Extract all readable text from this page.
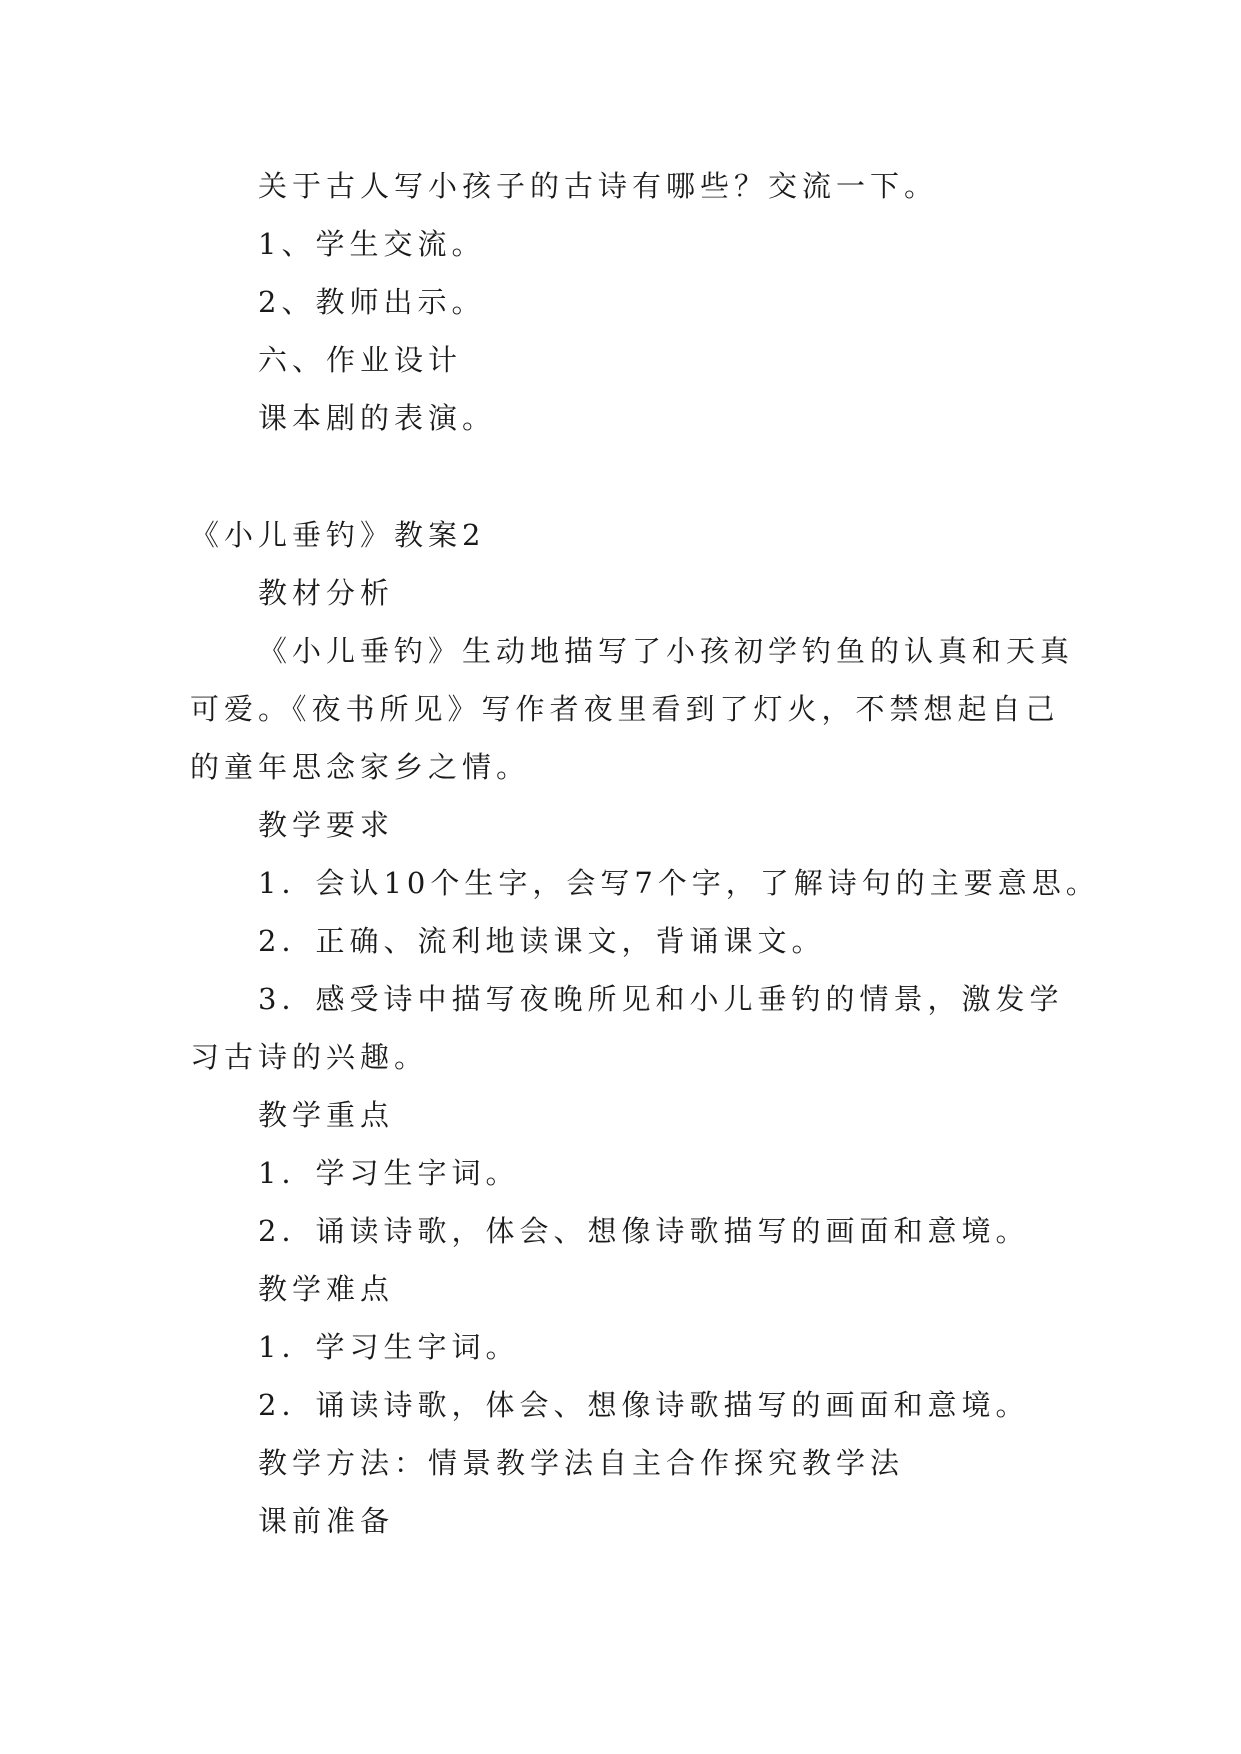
关于古人写小孩子的古诗有哪些？交流一下。
1、学生交流。
2、教师出示。
六、作业设计
课本剧的表演。
《小儿垂钓》教案2
教材分析
《小儿垂钓》生动地描写了小孩初学钓鱼的认真和天真
可爱。《夜书所见》写作者夜里看到了灯火，不禁想起自己
的童年思念家乡之情。
教学要求
1．会认10个生字，会写7个字，了解诗句的主要意思。
2．正确、流利地读课文，背诵课文。
3．感受诗中描写夜晚所见和小儿垂钓的情景，激发学
习古诗的兴趣。
教学重点
1．学习生字词。
2．诵读诗歌，体会、想像诗歌描写的画面和意境。
教学难点
1．学习生字词。
2．诵读诗歌，体会、想像诗歌描写的画面和意境。
教学方法：情景教学法自主合作探究教学法
课前准备
